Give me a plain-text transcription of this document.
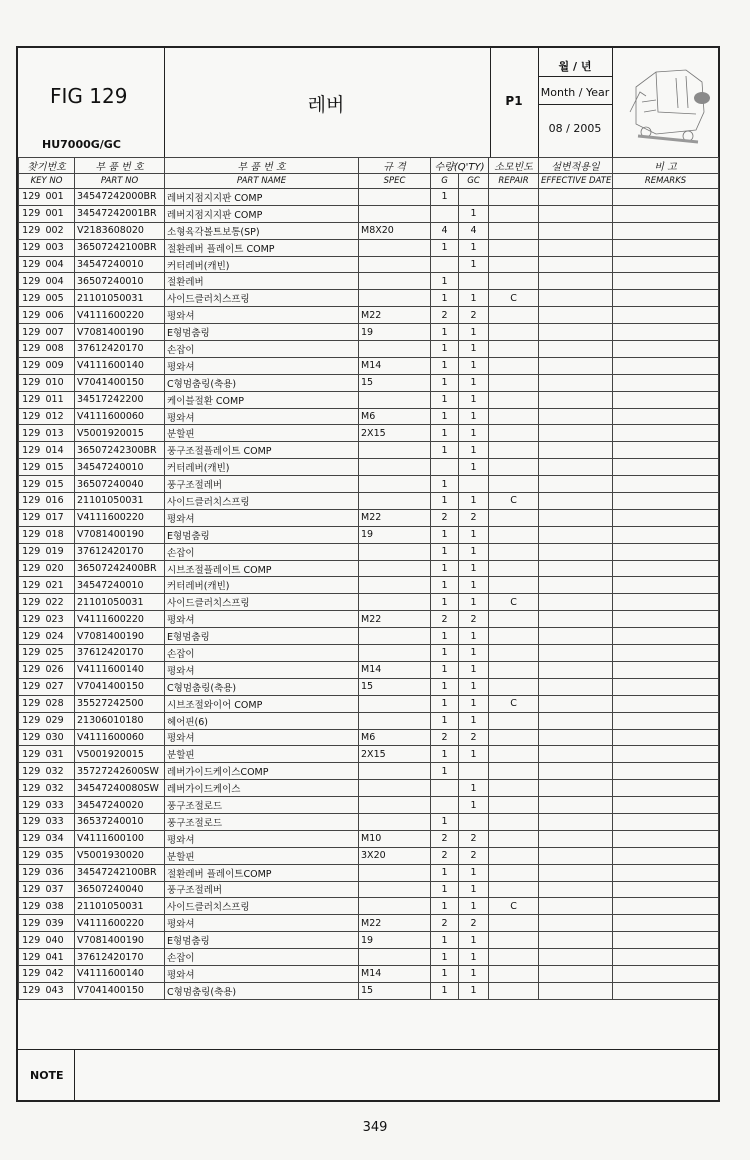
FIG 129
HU7000G/GC
레버	P1
월 / 년
Month / Year
08 / 2005
찾기번호		부 품 번 호	부 품 번 호	규 격	수량(Q'TY)		소모빈도	설변적용일	비 고
KEY NO		PART NO	PART NAME	SPEC	G	GC	REPAIR	EFFECTIVE DATE	REMARKS
129	001	34547242000BR	레버지점지지판 COMP		1				
129	001	34547242001BR	레버지점지지판 COMP			1			
129	002	V2183608020	소형육각볼트보통(SP)	M8X20	4	4			
129	003	36507242100BR	절환레버 플레이트 COMP		1	1			
129	004	34547240010	커터레버(캐빈)			1			
129	004	36507240010	절환레버		1				
129	005	21101050031	사이드클러치스프링		1	1	C		
129	006	V4111600220	평와셔	M22	2	2			
129	007	V7081400190	E형멈춤링	19	1	1			
129	008	37612420170	손잡이		1	1			
129	009	V4111600140	평와셔	M14	1	1			
129	010	V7041400150	C형멈춤링(축용)	15	1	1			
129	011	34517242200	케이블절환 COMP		1	1			
129	012	V4111600060	평와셔	M6	1	1			
129	013	V5001920015	분할핀	2X15	1	1			
129	014	36507242300BR	풍구조절플레이트 COMP		1	1			
129	015	34547240010	커터레버(캐빈)			1			
129	015	36507240040	풍구조절레버		1				
129	016	21101050031	사이드클러치스프링		1	1	C		
129	017	V4111600220	평와셔	M22	2	2			
129	018	V7081400190	E형멈춤링	19	1	1			
129	019	37612420170	손잡이		1	1			
129	020	36507242400BR	시브조절플레이트 COMP		1	1			
129	021	34547240010	커터레버(캐빈)		1	1			
129	022	21101050031	사이드클러치스프링		1	1	C		
129	023	V4111600220	평와셔	M22	2	2			
129	024	V7081400190	E형멈춤링		1	1			
129	025	37612420170	손잡이		1	1			
129	026	V4111600140	평와셔	M14	1	1			
129	027	V7041400150	C형멈춤링(축용)	15	1	1			
129	028	35527242500	시브조절와이어 COMP		1	1	C		
129	029	21306010180	헤어핀(6)		1	1			
129	030	V4111600060	평와셔	M6	2	2			
129	031	V5001920015	분할핀	2X15	1	1			
129	032	35727242600SW	레버가이드케이스COMP		1				
129	032	34547240080SW	레버가이드케이스			1			
129	033	34547240020	풍구조절로드			1			
129	033	36537240010	풍구조절로드		1				
129	034	V4111600100	평와셔	M10	2	2			
129	035	V5001930020	분할핀	3X20	2	2			
129	036	34547242100BR	절환레버 플레이트COMP		1	1			
129	037	36507240040	풍구조절레버		1	1			
129	038	21101050031	사이드클러치스프링		1	1	C		
129	039	V4111600220	평와셔	M22	2	2			
129	040	V7081400190	E형멈춤링	19	1	1			
129	041	37612420170	손잡이		1	1			
129	042	V4111600140	평와셔	M14	1	1			
129	043	V7041400150	C형멈춤링(축용)	15	1	1			
NOTE
349
